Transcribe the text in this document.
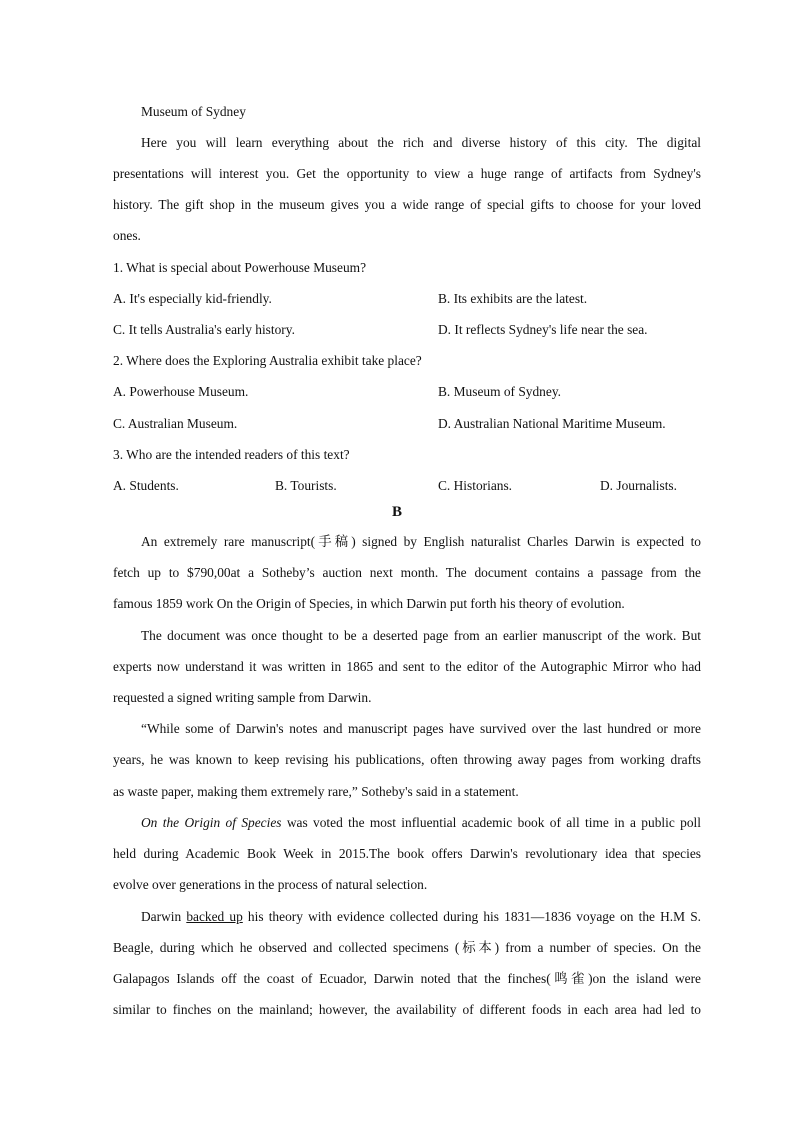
Museum of Sydney
Here you will learn everything about the rich and diverse history of this city. The digital
presentations will interest you. Get the opportunity to view a huge range of artifacts from Sydney's
history. The gift shop in the museum gives you a wide range of special gifts to choose for your loved
ones.
1. What is special about Powerhouse Museum?
A. It's especially kid-friendly.	B. Its exhibits are the latest.
C. It tells Australia's early history.	D. It reflects Sydney's life near the sea.
2. Where does the Exploring Australia exhibit take place?
A. Powerhouse Museum.	B. Museum of Sydney.
C. Australian Museum.	D. Australian National Maritime Museum.
3. Who are the intended readers of this text?
A. Students.	B. Tourists.	C. Historians.	D. Journalists.
B
An extremely rare manuscript(手稿) signed by English naturalist Charles Darwin is expected to
fetch up to $790,00at a Sotheby’s auction next month. The document contains a passage from the
famous 1859 work On the Origin of Species, in which Darwin put forth his theory of evolution.
The document was once thought to be a deserted page from an earlier manuscript of the work. But
experts now understand it was written in 1865 and sent to the editor of the Autographic Mirror who had
requested a signed writing sample from Darwin.
“While some of Darwin's notes and manuscript pages have survived over the last hundred or more
years, he was known to keep revising his publications, often throwing away pages from working drafts
as waste paper, making them extremely rare,” Sotheby's said in a statement.
On the Origin of Species was voted the most influential academic book of all time in a public poll
held during Academic Book Week in 2015.The book offers Darwin's revolutionary idea that species
evolve over generations in the process of natural selection.
Darwin backed up his theory with evidence collected during his 1831—1836 voyage on the H.M S.
Beagle, during which he observed and collected specimens (标本) from a number of species. On the
Galapagos Islands off the coast of Ecuador, Darwin noted that the finches(鸣雀)on the island were
similar to finches on the mainland; however, the availability of different foods in each area had led to
